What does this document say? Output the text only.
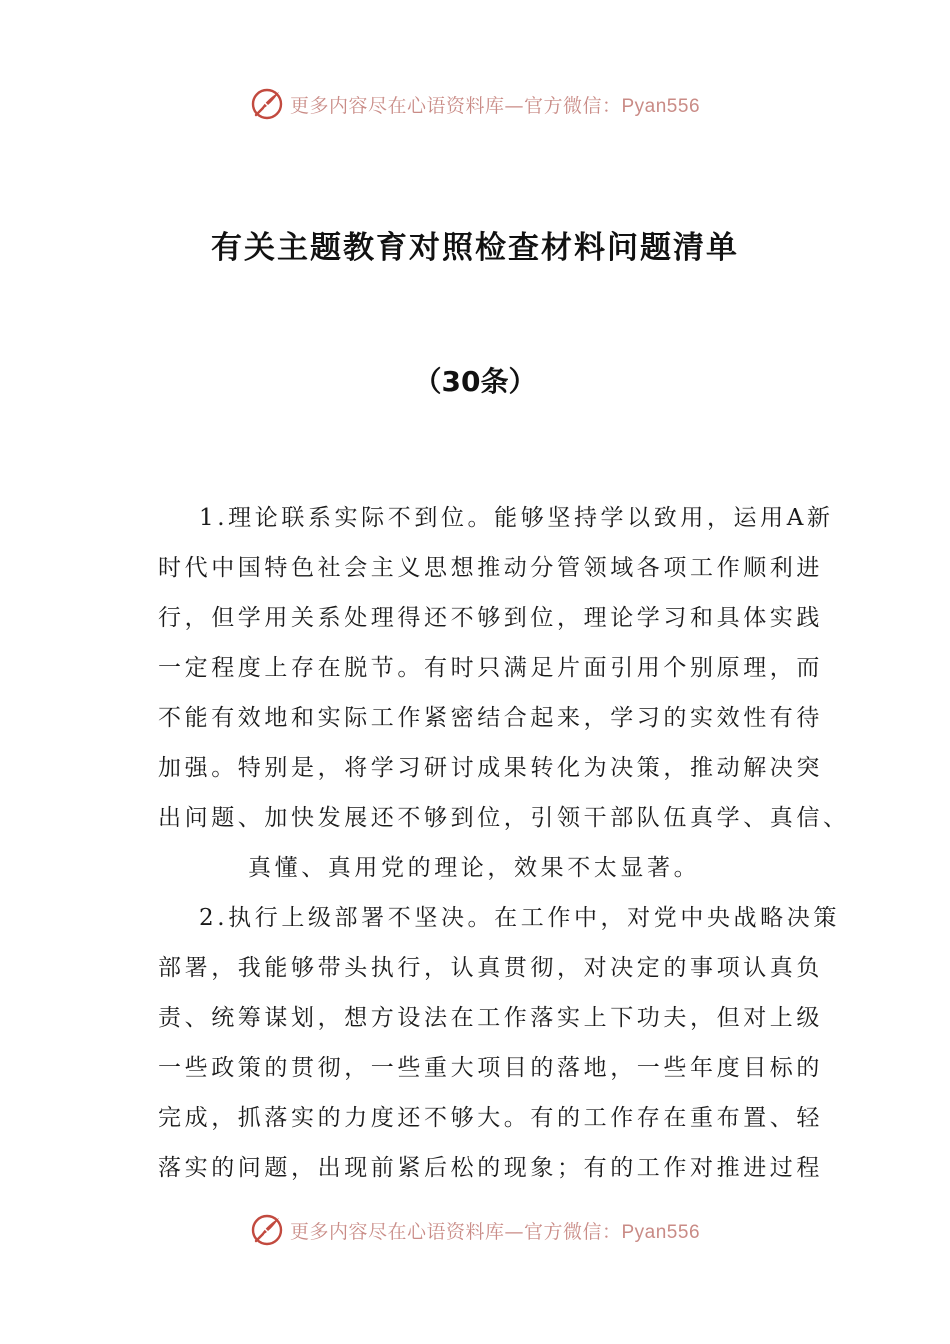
更多内容尽在心语资料库—官方微信：Pyan556
有关主题教育对照检查材料问题清单
（30条）
1.理论联系实际不到位。能够坚持学以致用，运用A新
时代中国特色社会主义思想推动分管领域各项工作顺利进
行，但学用关系处理得还不够到位，理论学习和具体实践
一定程度上存在脱节。有时只满足片面引用个别原理，而
不能有效地和实际工作紧密结合起来，学习的实效性有待
加强。特别是，将学习研讨成果转化为决策，推动解决突
出问题、加快发展还不够到位，引领干部队伍真学、真信、
真懂、真用党的理论，效果不太显著。
2.执行上级部署不坚决。在工作中，对党中央战略决策
部署，我能够带头执行，认真贯彻，对决定的事项认真负
责、统筹谋划，想方设法在工作落实上下功夫，但对上级
一些政策的贯彻，一些重大项目的落地，一些年度目标的
完成，抓落实的力度还不够大。有的工作存在重布置、轻
落实的问题，出现前紧后松的现象；有的工作对推进过程
更多内容尽在心语资料库—官方微信：Pyan556
